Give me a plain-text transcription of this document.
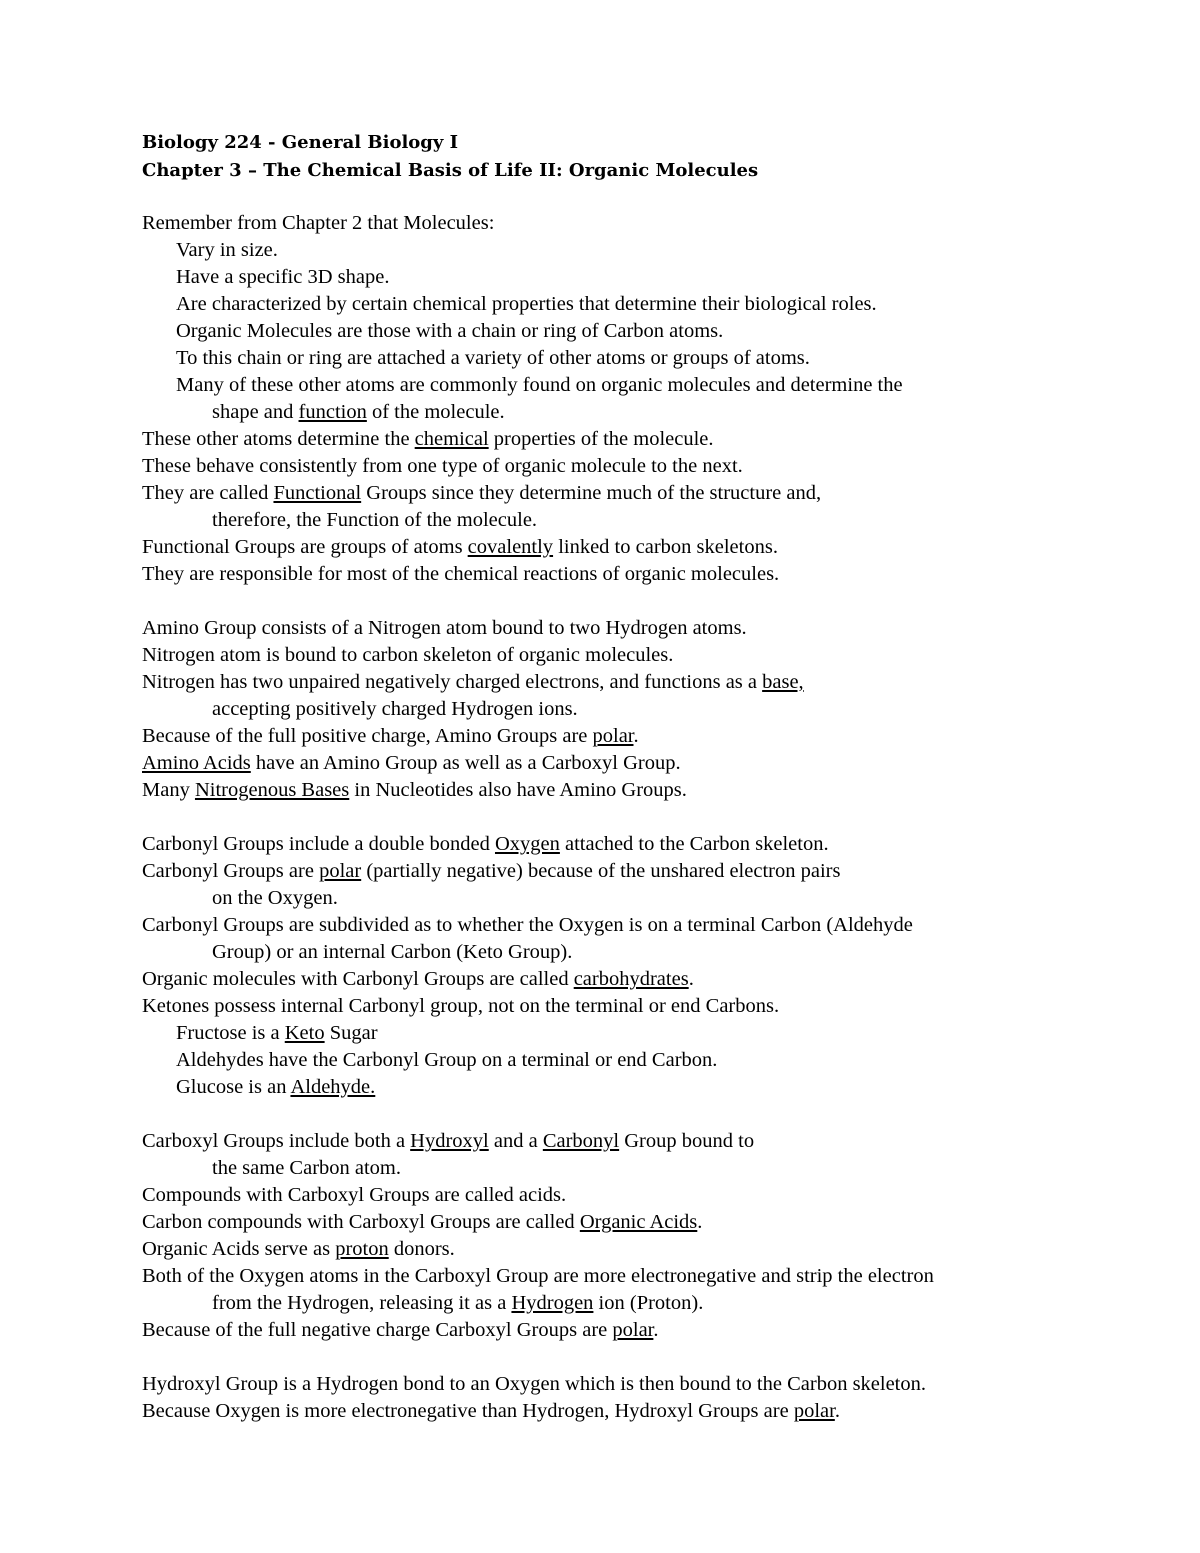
Biology 224 - General Biology I
Chapter 3 – The Chemical Basis of Life II: Organic Molecules
Remember from Chapter 2 that Molecules:
Vary in size.
Have a specific 3D shape.
Are characterized by certain chemical properties that determine their biological roles.
Organic Molecules are those with a chain or ring of Carbon atoms.
To this chain or ring are attached a variety of other atoms or groups of atoms.
Many of these other atoms are commonly found on organic molecules and determine the
shape and function of the molecule.
These other atoms determine the chemical properties of the molecule.
These behave consistently from one type of organic molecule to the next.
They are called Functional Groups since they determine much of the structure and,
therefore, the Function of the molecule.
Functional Groups are groups of atoms covalently linked to carbon skeletons.
They are responsible for most of the chemical reactions of organic molecules.
Amino Group consists of a Nitrogen atom bound to two Hydrogen atoms.
Nitrogen atom is bound to carbon skeleton of organic molecules.
Nitrogen has two unpaired negatively charged electrons, and functions as a base,
accepting positively charged Hydrogen ions.
Because of the full positive charge, Amino Groups are polar.
Amino Acids have an Amino Group as well as a Carboxyl Group.
Many Nitrogenous Bases in Nucleotides also have Amino Groups.
Carbonyl Groups include a double bonded Oxygen attached to the Carbon skeleton.
Carbonyl Groups are polar (partially negative) because of the unshared electron pairs
on the Oxygen.
Carbonyl Groups are subdivided as to whether the Oxygen is on a terminal Carbon (Aldehyde
Group) or an internal Carbon (Keto Group).
Organic molecules with Carbonyl Groups are called carbohydrates.
Ketones possess internal Carbonyl group, not on the terminal or end Carbons.
Fructose is a Keto Sugar
Aldehydes have the Carbonyl Group on a terminal or end Carbon.
Glucose is an Aldehyde.
Carboxyl Groups include both a Hydroxyl and a Carbonyl Group bound to
the same Carbon atom.
Compounds with Carboxyl Groups are called acids.
Carbon compounds with Carboxyl Groups are called Organic Acids.
Organic Acids serve as proton donors.
Both of the Oxygen atoms in the Carboxyl Group are more electronegative and strip the electron
from the Hydrogen, releasing it as a Hydrogen ion (Proton).
Because of the full negative charge Carboxyl Groups are polar.
Hydroxyl Group is a Hydrogen bond to an Oxygen which is then bound to the Carbon skeleton.
Because Oxygen is more electronegative than Hydrogen, Hydroxyl Groups are polar.
